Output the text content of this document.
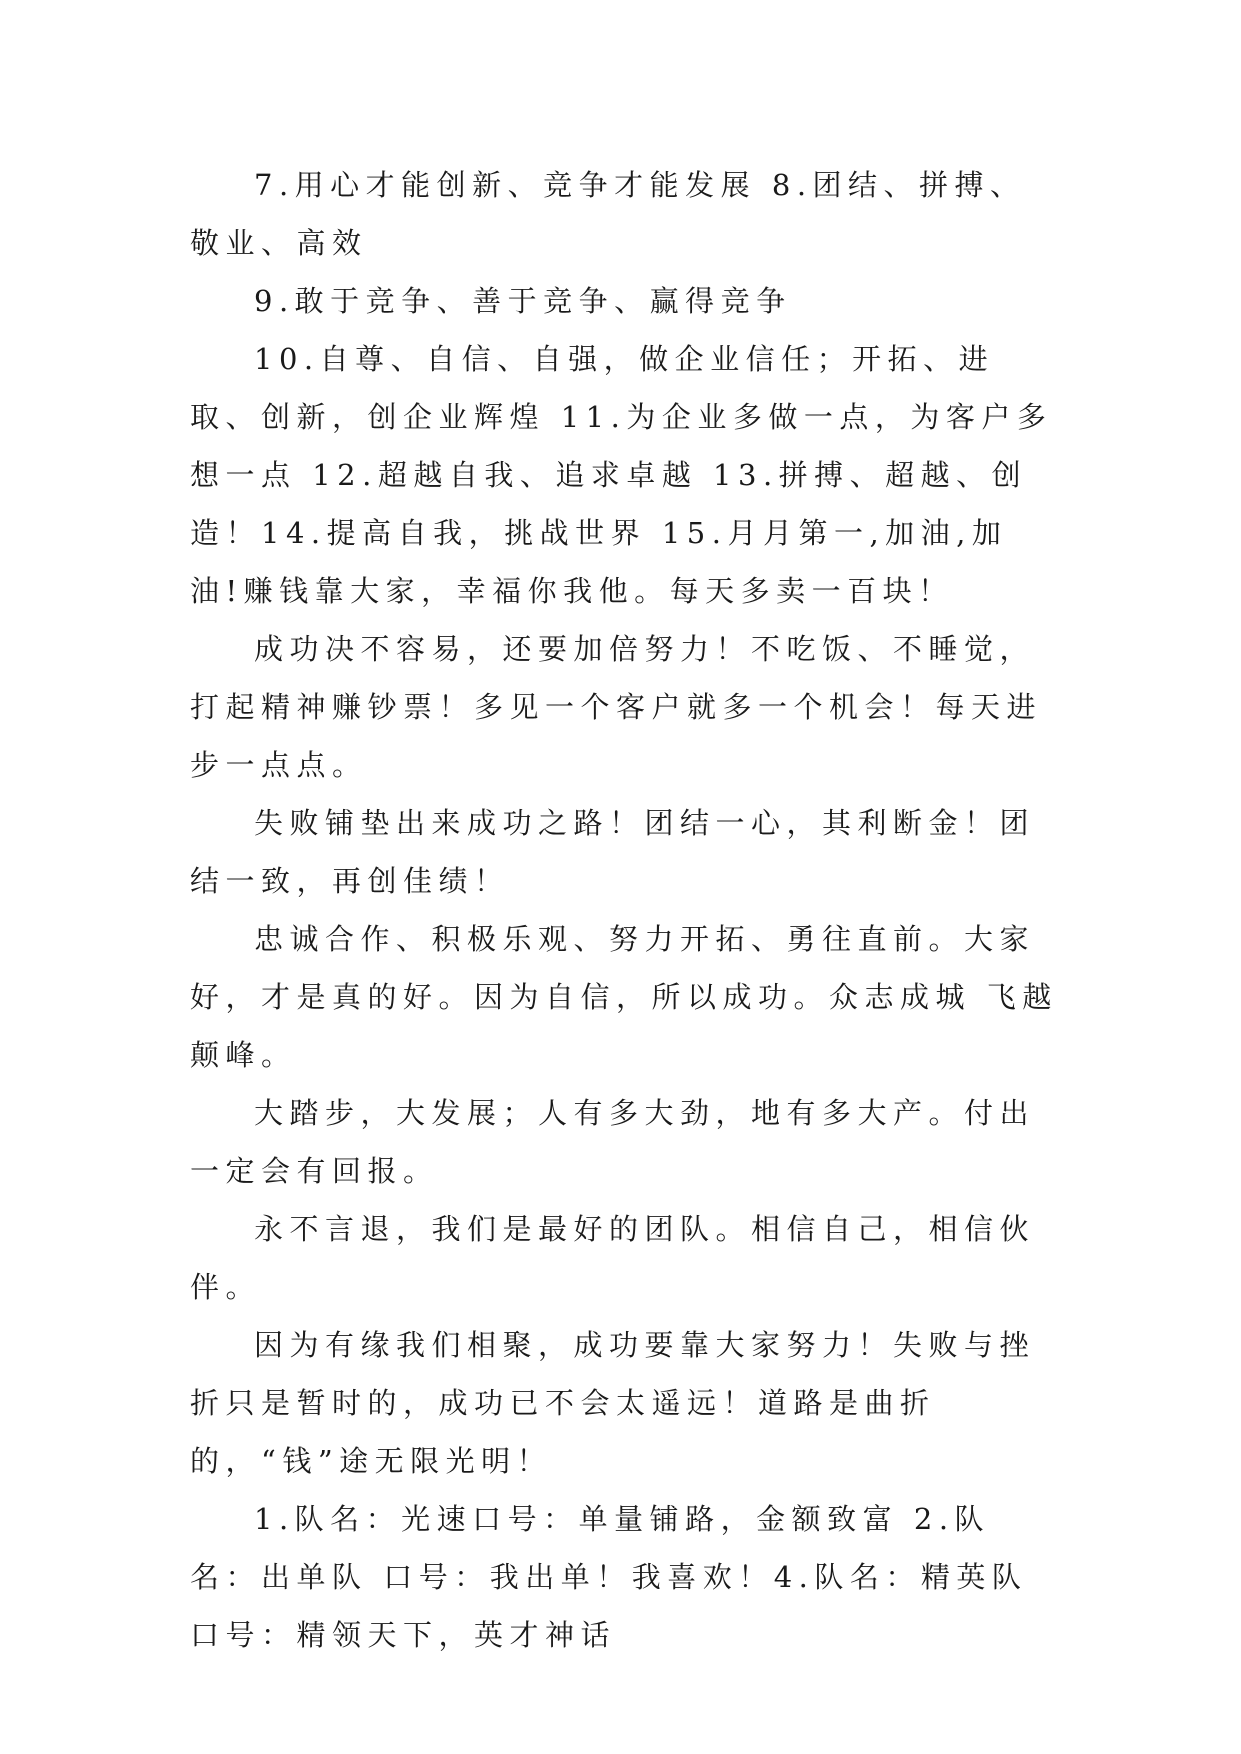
7.用心才能创新、竞争才能发展 8.团结、拼搏、敬业、高效

9.敢于竞争、善于竞争、赢得竞争

10.自尊、自信、自强，做企业信任；开拓、进取、创新，创企业辉煌 11.为企业多做一点，为客户多想一点 12.超越自我、追求卓越 13.拼搏、超越、创造！14.提高自我，挑战世界 15.月月第一,加油,加油!赚钱靠大家，幸福你我他。每天多卖一百块！

成功决不容易，还要加倍努力！不吃饭、不睡觉，打起精神赚钞票！多见一个客户就多一个机会！每天进步一点点。

失败铺垫出来成功之路！团结一心，其利断金！团结一致，再创佳绩！

忠诚合作、积极乐观、努力开拓、勇往直前。大家好，才是真的好。因为自信，所以成功。众志成城 飞越颠峰。

大踏步，大发展；人有多大劲，地有多大产。付出一定会有回报。

永不言退，我们是最好的团队。相信自己，相信伙伴。

因为有缘我们相聚，成功要靠大家努力！失败与挫折只是暂时的，成功已不会太遥远！道路是曲折的，“钱”途无限光明！

1.队名：光速口号：单量铺路，金额致富 2.队名：出单队 口号：我出单！我喜欢！4.队名：精英队 口号：精领天下，英才神话
